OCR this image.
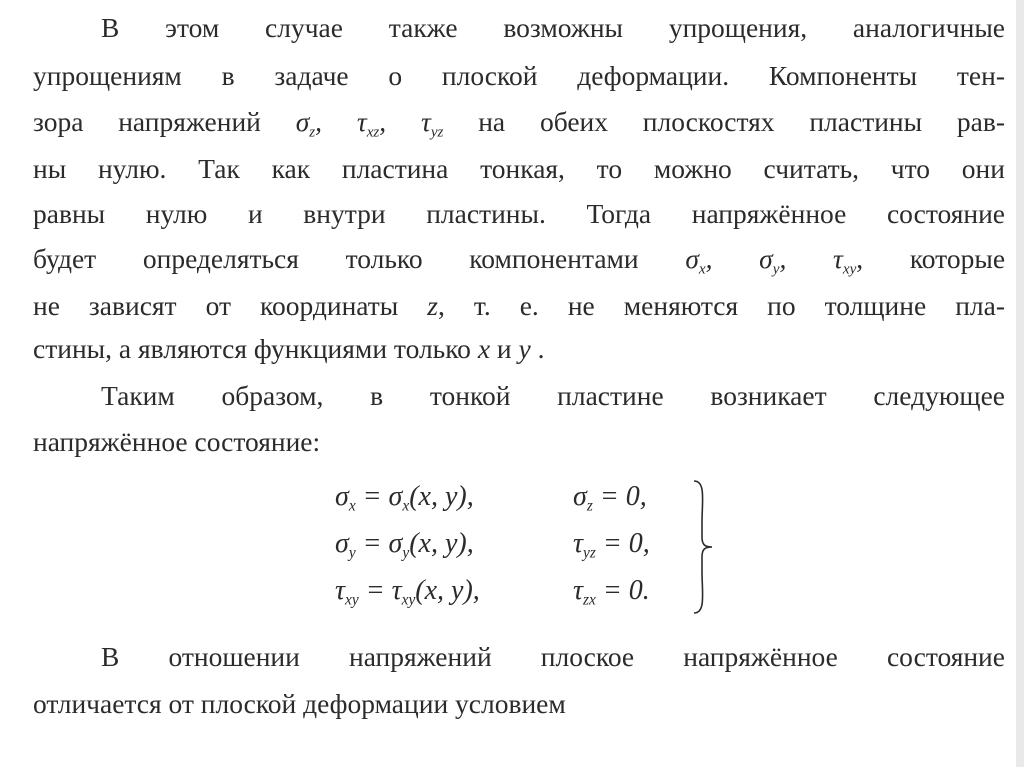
В этом случае также возможны упрощения, аналогичные
упрощениям в задаче о плоской деформации. Компоненты тен-
зора напряжений $\sigma_z$, $\tau_{xz}$, $\tau_{yz}$ на обеих плоскостях пластины рав-
ны нулю. Так как пластина тонкая, то можно считать, что они
равны нулю и внутри пластины. Тогда напряжённое состояние
будет определяться только компонентами $\sigma_x$, $\sigma_y$, $\tau_{xy}$, которые
не зависят от координаты z, т. е. не меняются по толщине пла-
стины, а являются функциями только x и y .
Таким образом, в тонкой пластине возникает следующее
напряжённое состояние:
$\sigma_x = \sigma_x(x$, y),	$\sigma_z = 0$,
$\sigma_y = \sigma_y(x$, y),	$\tau_{yz} = 0$,
$\tau_{xy} = \tau_{xy}(x$, y),	$\tau_{zx} = 0$.
В отношении напряжений плоское напряжённое состояние
отличается от плоской деформации условием
